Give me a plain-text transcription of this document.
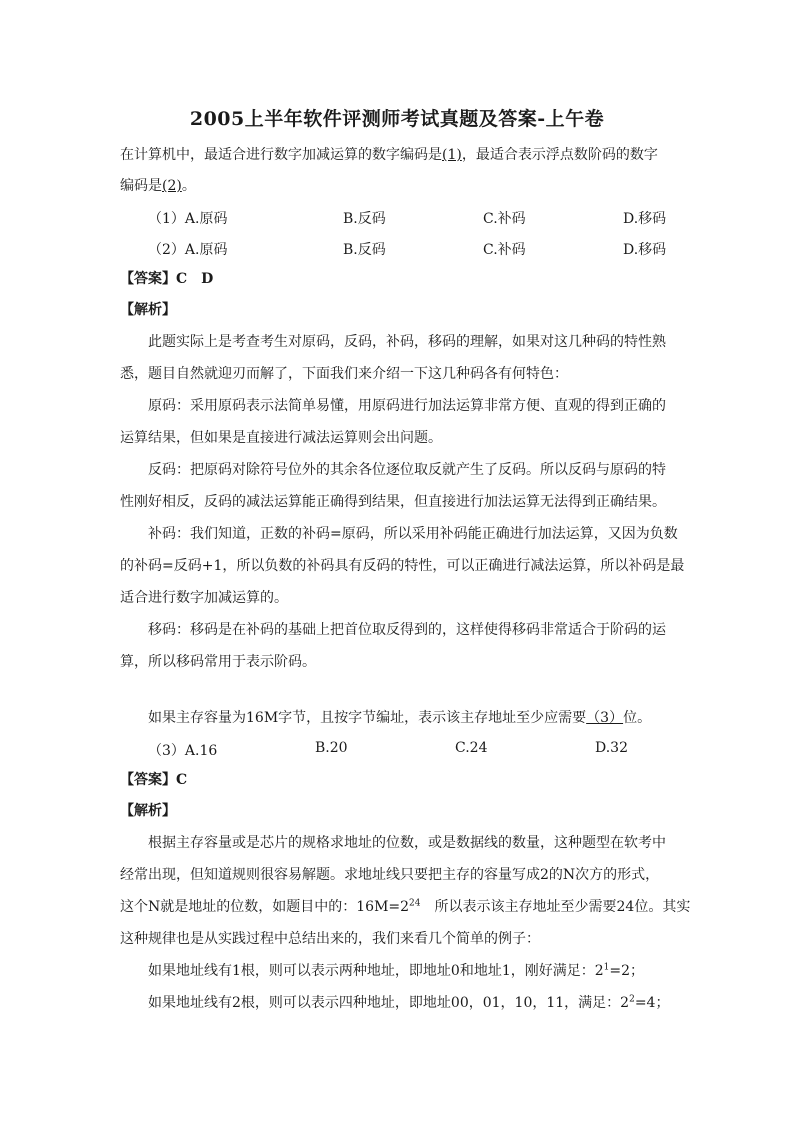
2005上半年软件评测师考试真题及答案-上午卷
在计算机中，最适合进行数字加减运算的数字编码是(1)，最适合表示浮点数阶码的数字
编码是(2)。
（1）A.原码	B.反码	C.补码	D.移码
（2）A.原码	B.反码	C.补码	D.移码
【答案】C　D
【解析】
此题实际上是考查考生对原码，反码，补码，移码的理解，如果对这几种码的特性熟
悉，题目自然就迎刃而解了，下面我们来介绍一下这几种码各有何特色：
原码：采用原码表示法简单易懂，用原码进行加法运算非常方便、直观的得到正确的
运算结果，但如果是直接进行减法运算则会出问题。
反码：把原码对除符号位外的其余各位逐位取反就产生了反码。所以反码与原码的特
性刚好相反，反码的减法运算能正确得到结果，但直接进行加法运算无法得到正确结果。
补码：我们知道，正数的补码=原码，所以采用补码能正确进行加法运算，又因为负数
的补码=反码+1，所以负数的补码具有反码的特性，可以正确进行减法运算，所以补码是最
适合进行数字加减运算的。
移码：移码是在补码的基础上把首位取反得到的，这样使得移码非常适合于阶码的运
算，所以移码常用于表示阶码。
如果主存容量为16M字节，且按字节编址，表示该主存地址至少应需要（3）位。
（3）A.16	B.20	C.24	D.32
【答案】C
【解析】
根据主存容量或是芯片的规格求地址的位数，或是数据线的数量，这种题型在软考中
经常出现，但知道规则很容易解题。求地址线只要把主存的容量写成2的N次方的形式，
这个N就是地址的位数，如题目中的：$16M=2^{24}$　所以表示该主存地址至少需要24位。其实
这种规律也是从实践过程中总结出来的，我们来看几个简单的例子：
如果地址线有1根，则可以表示两种地址，即地址0和地址1，刚好满足：$2^1=2$；
如果地址线有2根，则可以表示四种地址，即地址00，01，10，11，满足：$2^2=4$；
